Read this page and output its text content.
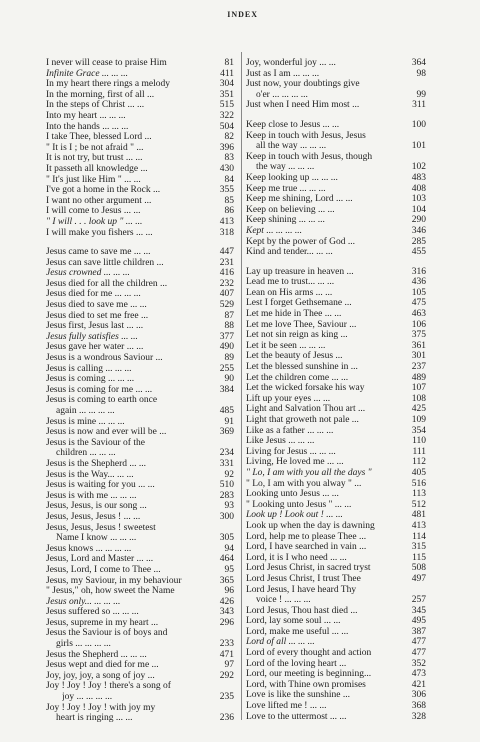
INDEX
I never will cease to praise Him	81
Infinite Grace ... ... ...	411
In my heart there rings a melody	304
In the morning, first of all ...	351
In the steps of Christ ... ...	515
Into my heart ... ... ...	322
Into the hands ... ... ...	504
I take Thee, blessed Lord ...	82
" It is I ; be not afraid " ...	396
It is not try, but trust ... ...	83
It passeth all knowledge ...	430
" It's just like Him " ... ...	84
I've got a home in the Rock ...	355
I want no other argument ...	85
I will come to Jesus ... ...	86
" I will . . . look up " ... ...	413
I will make you fishers ... ...	318
Jesus came to save me ... ...	447
Jesus can save little children ...	231
Jesus crowned ... ... ...	416
Jesus died for all the children ...	232
Jesus died for me ... ... ...	407
Jesus died to save me ... ...	529
Jesus died to set me free ...	87
Jesus first, Jesus last ... ...	88
Jesus fully satisfies ... ...	377
Jesus gave her water ... ...	490
Jesus is a wondrous Saviour ...	89
Jesus is calling ... ... ...	255
Jesus is coming ... ... ...	90
Jesus is coming for me ... ...	384
Jesus is coming to earth once
again ... ... ... ...	485
Jesus is mine ... ... ...	91
Jesus is now and ever will be ...	369
Jesus is the Saviour of the
children ... ... ...	234
Jesus is the Shepherd ... ...	331
Jesus is the Way... ... ...	92
Jesus is waiting for you ... ...	510
Jesus is with me ... ... ...	283
Jesus, Jesus, is our song ...	93
Jesus, Jesus, Jesus ! ... ...	300
Jesus, Jesus, Jesus ! sweetest
Name I know ... ... ...	305
Jesus knows ... ... ... ...	94
Jesus, Lord and Master ... ...	464
Jesus, Lord, I come to Thee ...	95
Jesus, my Saviour, in my behaviour	365
" Jesus," oh, how sweet the Name	96
Jesus only... ... ... ...	426
Jesus suffered so ... ... ...	343
Jesus, supreme in my heart ...	296
Jesus the Saviour is of boys and
girls ... ... ... ...	233
Jesus the Shepherd ... ... ...	471
Jesus wept and died for me ...	97
Joy, joy, joy, a song of joy ...	292
Joy ! Joy ! Joy ! there's a song of
joy ... ... ... ...	235
Joy ! Joy ! Joy ! with joy my
heart is ringing ... ...	236
Joy, wonderful joy ... ...	364
Just as I am ... ... ...	98
Just now, your doubtings give
o'er ... ... ... ...	99
Just when I need Him most ...	311
Keep close to Jesus ... ...	100
Keep in touch with Jesus, Jesus
all the way ... ... ...	101
Keep in touch with Jesus, though
the way ... ... ...	102
Keep looking up ... ... ...	483
Keep me true ... ... ...	408
Keep me shining, Lord ... ...	103
Keep on believing ... ...	104
Keep shining ... ... ...	290
Kept ... ... ... ...	346
Kept by the power of God ...	285
Kind and tender... ... ...	455
Lay up treasure in heaven ...	316
Lead me to trust... ... ...	436
Lean on His arms ... ...	105
Lest I forget Gethsemane ...	475
Let me hide in Thee ... ...	463
Let me love Thee, Saviour ...	106
Let not sin reign as king ...	375
Let it be seen ... ... ...	361
Let the beauty of Jesus ...	301
Let the blessed sunshine in ...	237
Let the children come ... ...	489
Let the wicked forsake his way	107
Lift up your eyes ... ...	108
Light and Salvation Thou art ...	425
Light that groweth not pale ...	109
Like as a father ... ... ...	354
Like Jesus ... ... ...	110
Living for Jesus ... ... ...	111
Living, He loved me ... ...	112
" Lo, I am with you all the days "	405
" Lo, I am with you alway " ...	516
Looking unto Jesus ... ...	113
" Looking unto Jesus " ... ...	512
Look up ! Look out ! ... ...	481
Look up when the day is dawning	413
Lord, help me to please Thee ...	114
Lord, I have searched in vain ...	315
Lord, it is I who need ... ...	115
Lord Jesus Christ, in sacred tryst	508
Lord Jesus Christ, I trust Thee	497
Lord Jesus, I have heard Thy
voice ! ... ... ...	257
Lord Jesus, Thou hast died ...	345
Lord, lay some soul ... ...	495
Lord, make me useful ... ...	387
Lord of all ... ... ...	477
Lord of every thought and action	477
Lord of the loving heart ...	352
Lord, our meeting is beginning...	473
Lord, with Thine own promises	421
Love is like the sunshine ...	306
Love lifted me ! ... ...	368
Love to the uttermost ... ...	328
